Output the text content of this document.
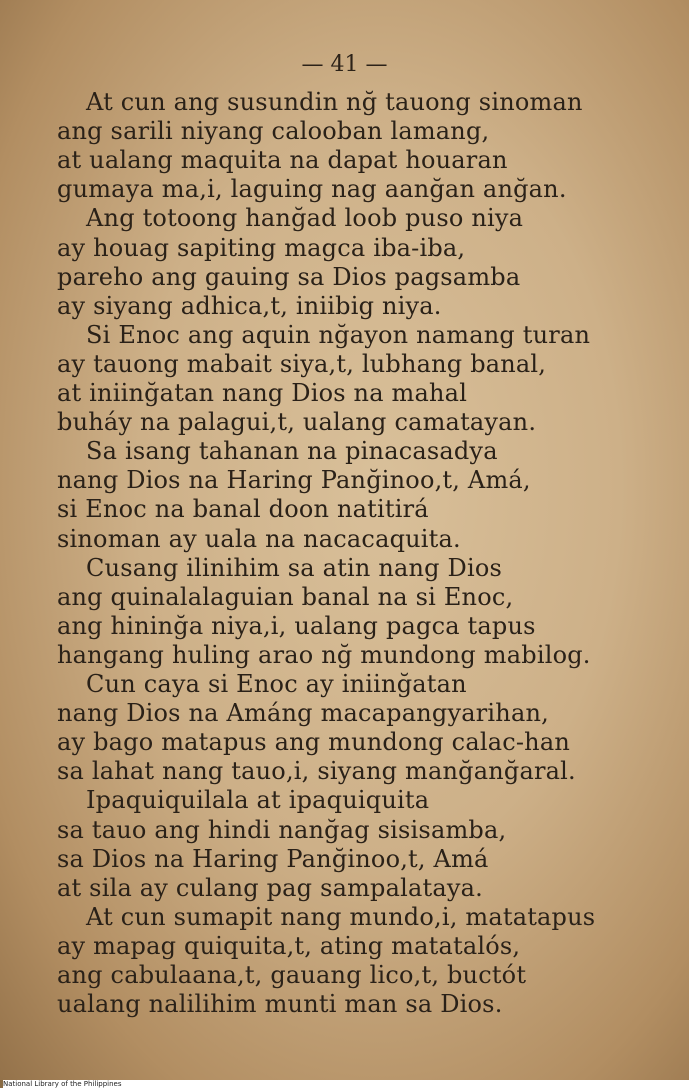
— 41 —
At cun ang susundin nğ tauong sinoman
ang sarili niyang calooban lamang,
at ualang maquita na dapat houaran
gumaya ma,i, laguing nag aanğan anğan.
Ang totoong hanğad loob puso niya
ay houag sapiting magca iba-iba,
pareho ang gauing sa Dios pagsamba
ay siyang adhica,t, iniibig niya.
Si Enoc ang aquin nğayon namang turan
ay tauong mabait siya,t, lubhang banal,
at iniinğatan nang Dios na mahal
buháy na palagui,t, ualang camatayan.
Sa isang tahanan na pinacasadya
nang Dios na Haring Panğinoo,t, Amá,
si Enoc na banal doon natitirá
sinoman ay uala na nacacaquita.
Cusang ilinihim sa atin nang Dios
ang quinalalaguian banal na si Enoc,
ang hininğa niya,i, ualang pagca tapus
hangang huling arao nğ mundong mabilog.
Cun caya si Enoc ay iniinğatan
nang Dios na Amáng macapangyarihan,
ay bago matapus ang mundong calac-han
sa lahat nang tauo,i, siyang manğanğaral.
Ipaquiquilala at ipaquiquita
sa tauo ang hindi nanğag sisisamba,
sa Dios na Haring Panğinoo,t, Amá
at sila ay culang pag sampalataya.
At cun sumapit nang mundo,i, matatapus
ay mapag quiquita,t, ating matatalós,
ang cabulaana,t, gauang lico,t, buctót
ualang nalilihim munti man sa Dios.
National Library of the Philippines
